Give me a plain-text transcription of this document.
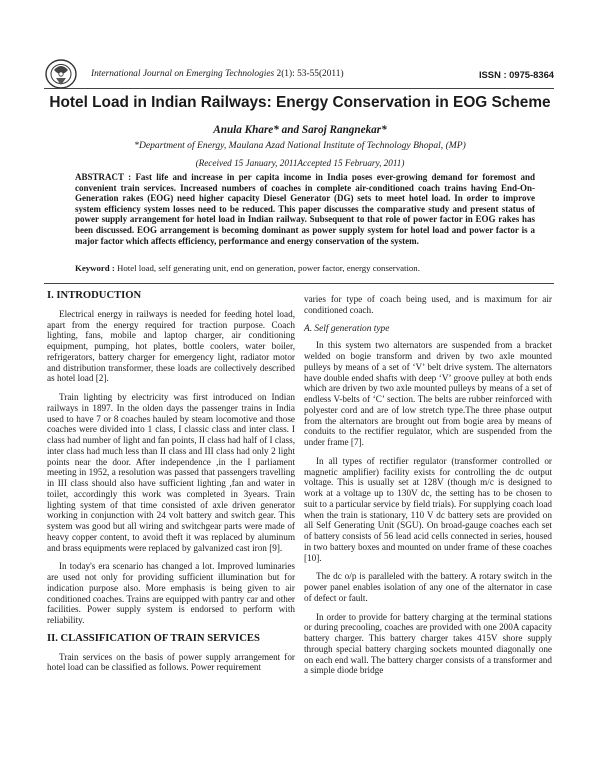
International Journal on Emerging Technologies 2(1): 53-55(2011)	ISSN : 0975-8364
Hotel Load in Indian Railways: Energy Conservation in EOG Scheme
Anula Khare* and Saroj Rangnekar*
*Department of Energy, Maulana Azad National Institute of Technology Bhopal, (MP)
(Received 15 January, 2011Accepted 15 February, 2011)
ABSTRACT : Fast life and increase in per capita income in India poses ever-growing demand for foremost and convenient train services. Increased numbers of coaches in complete air-conditioned coach trains having End-On-Generation rakes (EOG) need higher capacity Diesel Generator (DG) sets to meet hotel load. In order to improve system efficiency system losses need to be reduced. This paper discusses the comparative study and present status of power supply arrangement for hotel load in Indian railway. Subsequent to that role of power factor in EOG rakes has been discussed. EOG arrangement is becoming dominant as power supply system for hotel load and power factor is a major factor which affects efficiency, performance and energy conservation of the system.
Keyword : Hotel load, self generating unit, end on generation, power factor, energy conservation.
I. INTRODUCTION

Electrical energy in railways is needed for feeding hotel load, apart from the energy required for traction purpose. Coach lighting, fans, mobile and laptop charger, air conditioning equipment, pumping, hot plates, bottle coolers, water boiler, refrigerators, battery charger for emergency light, radiator motor and distribution transformer, these loads are collectively described as hotel load [2].

Train lighting by electricity was first introduced on Indian railways in 1897. In the olden days the passenger trains in India used to have 7 or 8 coaches hauled by steam locomotive and those coaches were divided into 1 class, I classic class and inter class. I class had number of light and fan points, II class had half of I class, inter class had much less than II class and III class had only 2 light points near the door. After independence ,in the I parliament meeting in 1952, a resolution was passed that passengers travelling in III class should also have sufficient lighting ,fan and water in toilet, accordingly this work was completed in 3years. Train lighting system of that time consisted of axle driven generator working in conjunction with 24 volt battery and switch gear. This system was good but all wiring and switchgear parts were made of heavy copper content, to avoid theft it was replaced by aluminum and brass equipments were replaced by galvanized cast iron [9].

In today's era scenario has changed a lot. Improved luminaries are used not only for providing sufficient illumination but for indication purpose also. More emphasis is being given to air conditioned coaches. Trains are equipped with pantry car and other facilities. Power supply system is endorsed to perform with reliability.

II. CLASSIFICATION OF TRAIN SERVICES

Train services on the basis of power supply arrangement for hotel load can be classified as follows. Power requirement

varies for type of coach being used, and is maximum for air conditioned coach.

A. Self generation type

In this system two alternators are suspended from a bracket welded on bogie transform and driven by two axle mounted pulleys by means of a set of ‘V’ belt drive system. The alternators have double ended shafts with deep ‘V’ groove pulley at both ends which are driven by two axle mounted pulleys by means of a set of endless V-belts of ‘C’ section. The belts are rubber reinforced with polyester cord and are of low stretch type.The three phase output from the alternators are brought out from bogie area by means of conduits to the rectifier regulator, which are suspended from the under frame [7].

In all types of rectifier regulator (transformer controlled or magnetic amplifier) facility exists for controlling the dc output voltage. This is usually set at 128V (though m/c is designed to work at a voltage up to 130V dc, the setting has to be chosen to suit to a particular service by field trials). For supplying coach load when the train is stationary, 110 V dc battery sets are provided on all Self Generating Unit (SGU). On broad-gauge coaches each set of battery consists of 56 lead acid cells connected in series, housed in two battery boxes and mounted on under frame of these coaches [10].

The dc o/p is paralleled with the battery. A rotary switch in the power panel enables isolation of any one of the alternator in case of defect or fault.

In order to provide for battery charging at the terminal stations or during precooling, coaches are provided with one 200A capacity battery charger. This battery charger takes 415V shore supply through special battery charging sockets mounted diagonally one on each end wall. The battery charger consists of a transformer and a simple diode bridge
